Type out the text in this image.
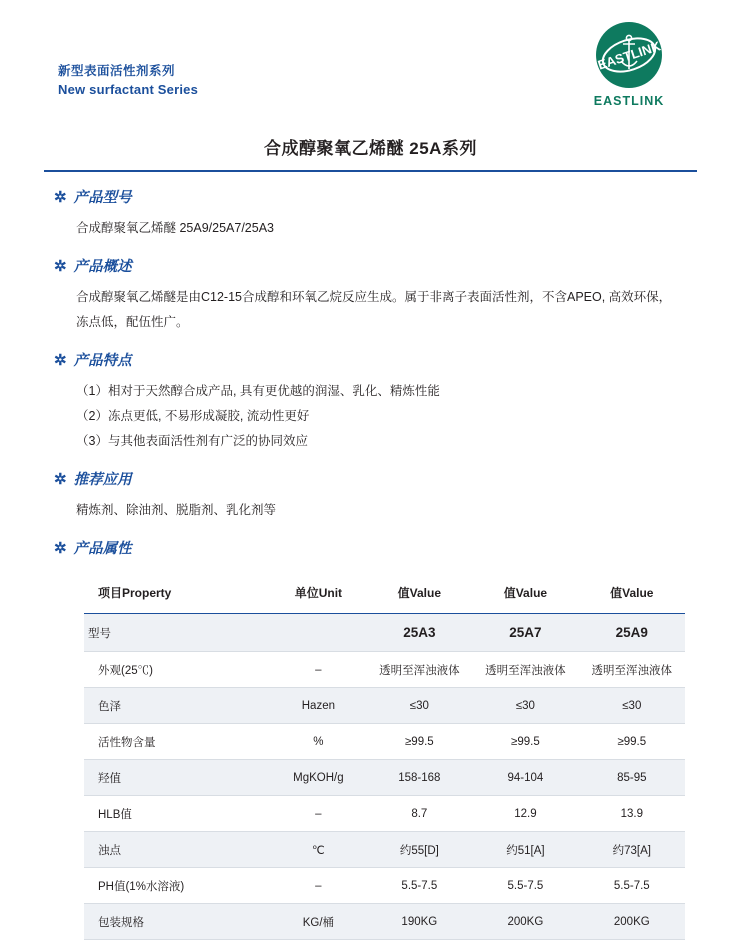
新型表面活性剂系列
New surfactant Series
EASTLINK
EASTLINK
合成醇聚氧乙烯醚 25A系列
✲ 产品型号

合成醇聚氧乙烯醚 25A9/25A7/25A3

✲ 产品概述

合成醇聚氧乙烯醚是由C12-15合成醇和环氧乙烷反应生成。属于非离子表面活性剂，不含APEO, 高效环保，

冻点低，配伍性广。

✲ 产品特点

（1）相对于天然醇合成产品, 具有更优越的润湿、乳化、精炼性能

（2）冻点更低, 不易形成凝胶, 流动性更好

（3）与其他表面活性剂有广泛的协同效应

✲ 推荐应用

精炼剂、除油剂、脱脂剂、乳化剂等

✲ 产品属性
项目Property	单位Unit	值Value	值Value	值Value
型号		25A3	25A7	25A9
外观(25℃)	–	透明至浑浊液体	透明至浑浊液体	透明至浑浊液体
色泽	Hazen	≤30	≤30	≤30
活性物含量	%	≥99.5	≥99.5	≥99.5
羟值	MgKOH/g	158-168	94-104	85-95
HLB值	–	8.7	12.9	13.9
浊点	℃	约55[D]	约51[A]	约73[A]
PH值(1%水溶液)	–	5.5-7.5	5.5-7.5	5.5-7.5
包装规格	KG/桶	190KG	200KG	200KG
